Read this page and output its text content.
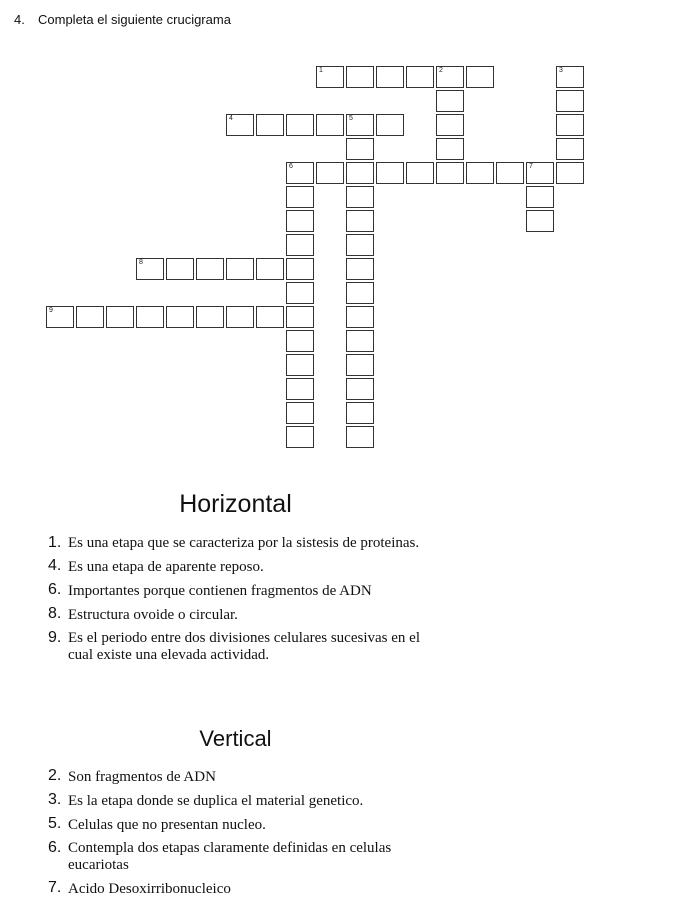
4. Completa el siguiente crucigrama
1	2	3
4	5
6	7
8
9
Horizontal

1. Es una etapa que se caracteriza por la sistesis de proteinas.

4. Es una etapa de aparente reposo.

6. Importantes porque contienen fragmentos de ADN

8. Estructura ovoide o circular.

9. Es el periodo entre dos divisiones celulares sucesivas en el cual existe una elevada actividad.

Vertical

2. Son fragmentos de ADN

3. Es la etapa donde se duplica el material genetico.

5. Celulas que no presentan nucleo.

6. Contempla dos etapas claramente definidas en celulas eucariotas

7. Acido Desoxirribonucleico
